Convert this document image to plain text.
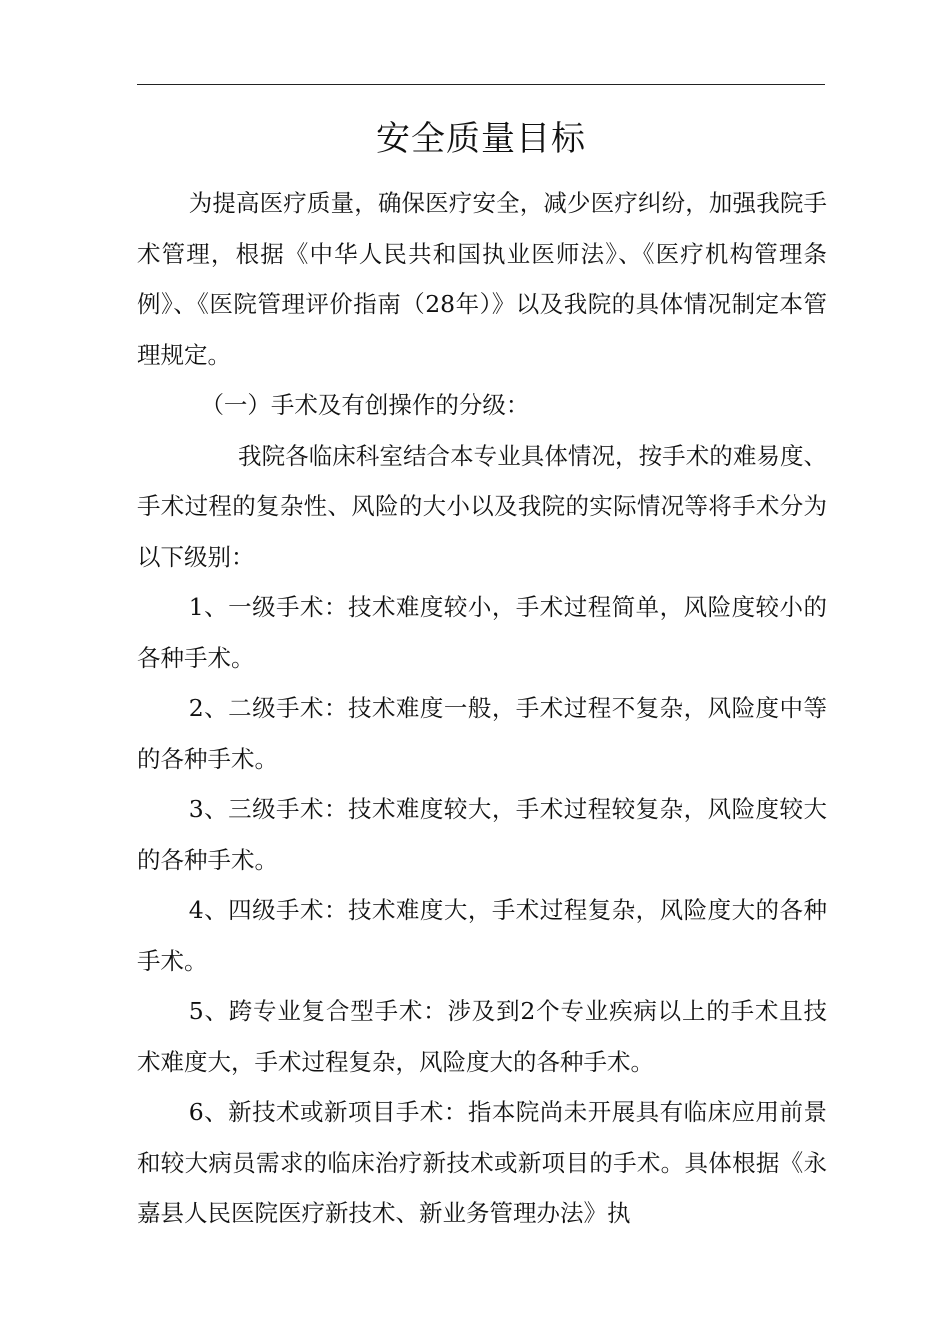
安全质量目标

为提高医疗质量，确保医疗安全，减少医疗纠纷，加强我院手术管理，根据《中华人民共和国执业医师法》、《医疗机构管理条例》、《医院管理评价指南（28年）》以及我院的具体情况制定本管理规定。

（一）手术及有创操作的分级：

我院各临床科室结合本专业具体情况，按手术的难易度、手术过程的复杂性、风险的大小以及我院的实际情况等将手术分为以下级别：

1、一级手术：技术难度较小，手术过程简单，风险度较小的各种手术。

2、二级手术：技术难度一般，手术过程不复杂，风险度中等的各种手术。

3、三级手术：技术难度较大，手术过程较复杂，风险度较大的各种手术。

4、四级手术：技术难度大，手术过程复杂，风险度大的各种手术。

5、跨专业复合型手术：涉及到2个专业疾病以上的手术且技术难度大，手术过程复杂，风险度大的各种手术。

6、新技术或新项目手术：指本院尚未开展具有临床应用前景和较大病员需求的临床治疗新技术或新项目的手术。具体根据《永嘉县人民医院医疗新技术、新业务管理办法》执
